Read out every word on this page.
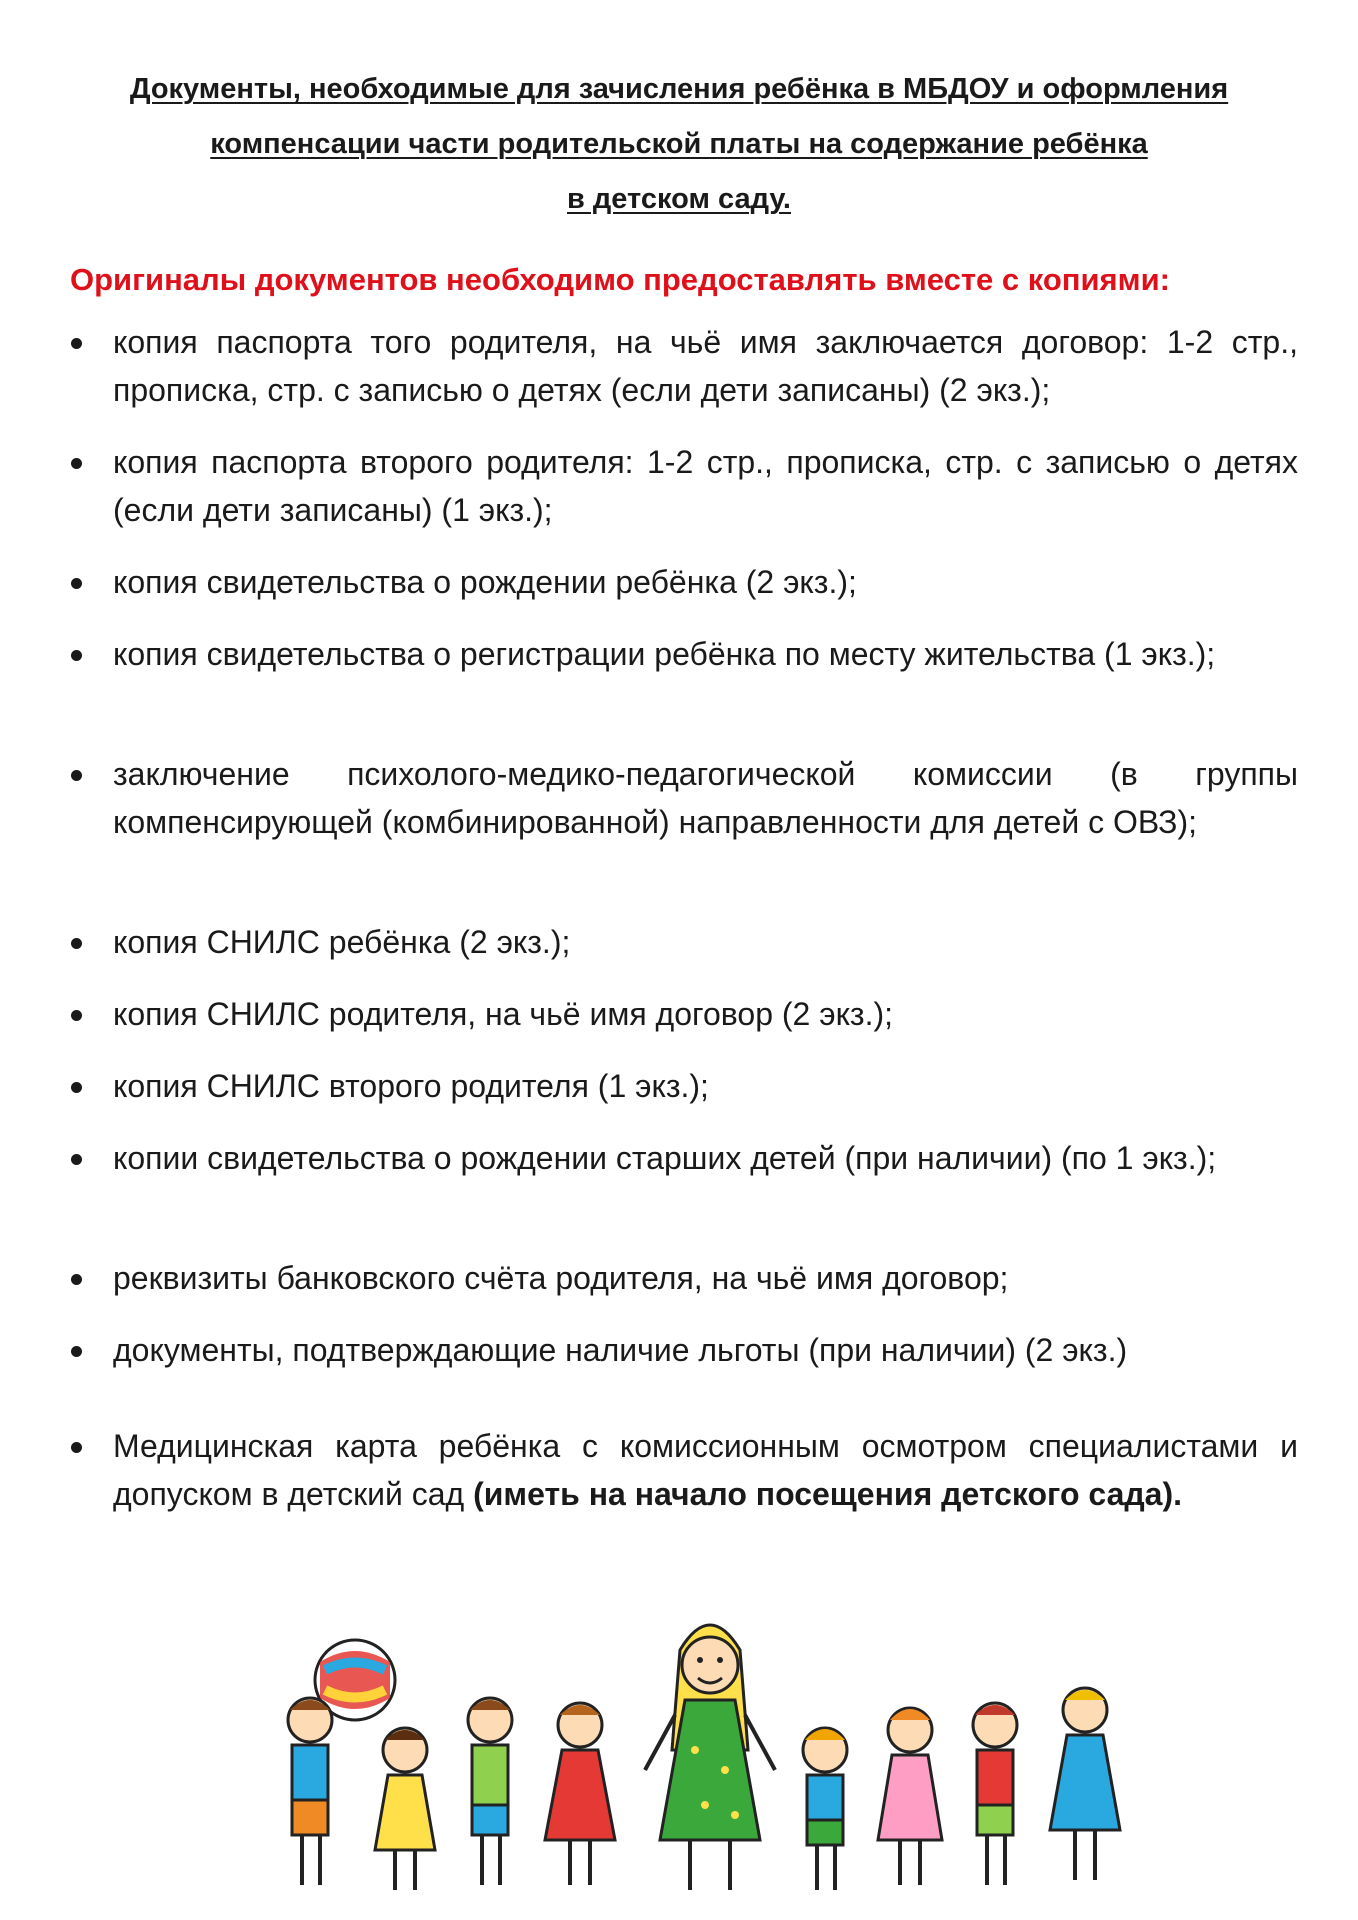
Документы, необходимые для зачисления ребёнка в МБДОУ и оформления
компенсации части родительской платы на содержание ребёнка
в детском саду.
Оригиналы документов необходимо предоставлять вместе с копиями:
копия паспорта того родителя, на чьё имя заключается договор: 1-2 стр., прописка, стр. с записью о детях (если дети записаны) (2 экз.);
копия паспорта второго родителя: 1-2 стр., прописка, стр. с записью о детях (если дети записаны) (1 экз.);
копия свидетельства о рождении ребёнка (2 экз.);
копия свидетельства о регистрации ребёнка по месту жительства (1 экз.);
заключение психолого-медико-педагогической комиссии (в группы компенсирующей (комбинированной) направленности для детей с ОВЗ);
копия СНИЛС ребёнка (2 экз.);
копия СНИЛС родителя, на чьё имя договор (2 экз.);
копия СНИЛС второго родителя (1 экз.);
копии свидетельства о рождении старших детей (при наличии) (по 1 экз.);
реквизиты банковского счёта родителя, на чьё имя договор;
документы, подтверждающие наличие льготы (при наличии) (2 экз.)
Медицинская карта ребёнка с комиссионным осмотром специалистами и допуском в детский сад (иметь на начало посещения детского сада).
